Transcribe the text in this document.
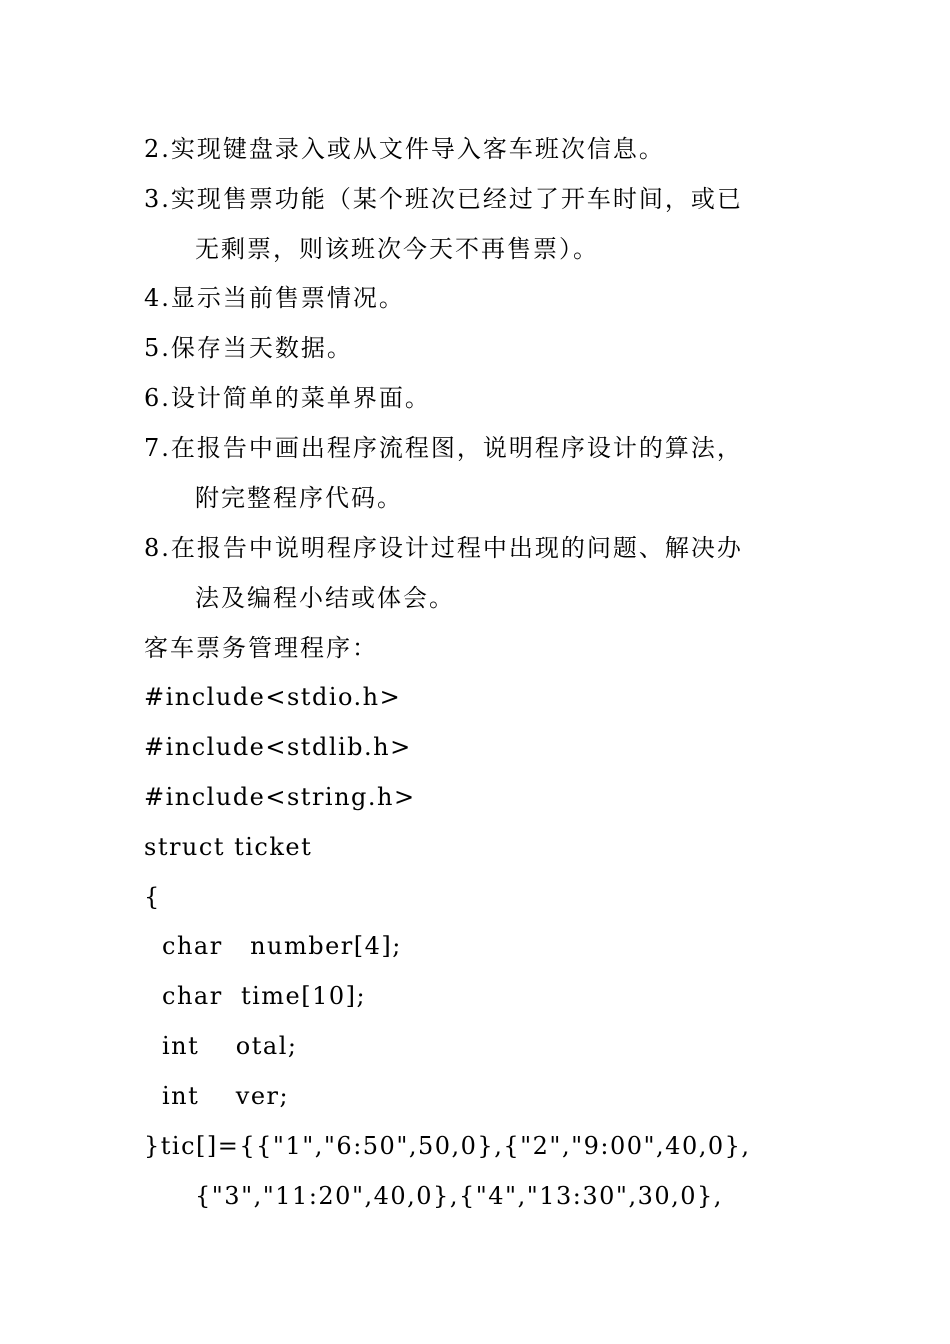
2.实现键盘录入或从文件导入客车班次信息。
3.实现售票功能（某个班次已经过了开车时间，或已
无剩票，则该班次今天不再售票）。
4.显示当前售票情况。
5.保存当天数据。
6.设计简单的菜单界面。
7.在报告中画出程序流程图，说明程序设计的算法，
附完整程序代码。
8.在报告中说明程序设计过程中出现的问题、解决办
法及编程小结或体会。
客车票务管理程序：
#include<stdio.h>
#include<stdlib.h>
#include<string.h>
struct ticket
{
char   number[4];
char  time[10];
int    otal;
int    ver;
}tic[]={{"1","6:50",50,0},{"2","9:00",40,0},
{"3","11:20",40,0},{"4","13:30",30,0},
